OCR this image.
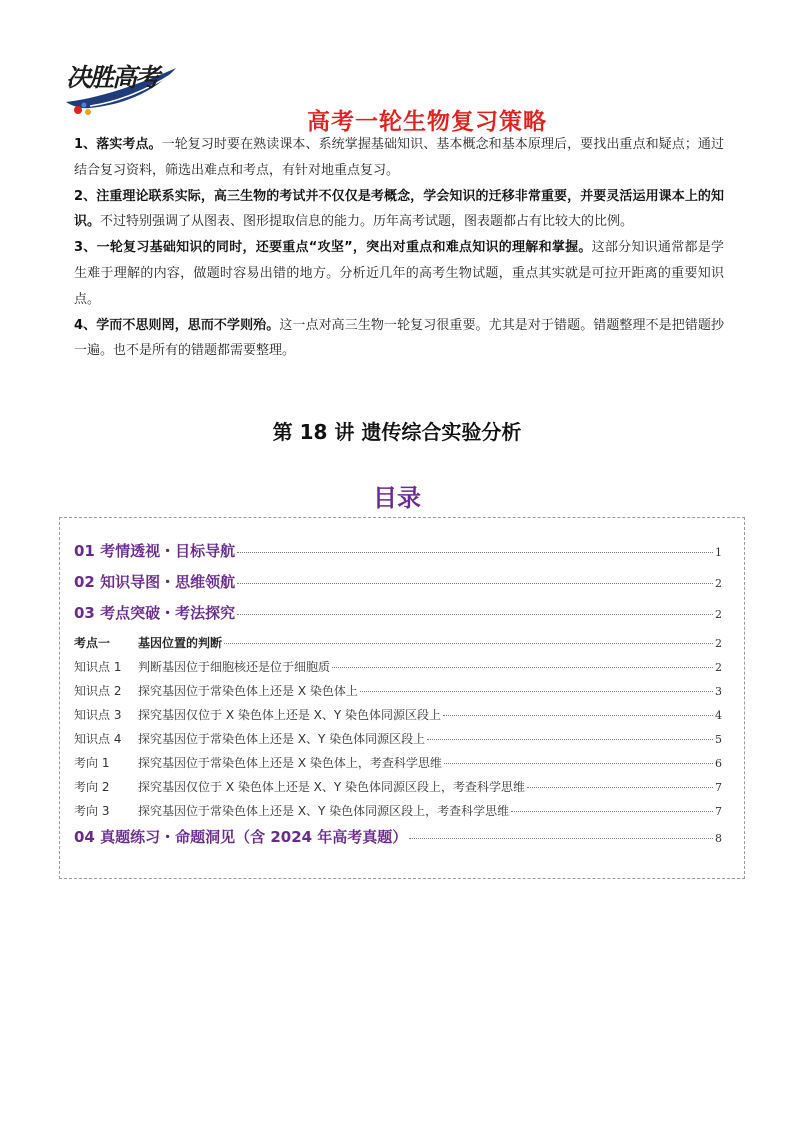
决胜高考
高考一轮生物复习策略

1、落实考点。一轮复习时要在熟读课本、系统掌握基础知识、基本概念和基本原理后，要找出重点和疑点；通过结合复习资料，筛选出难点和考点，有针对地重点复习。

2、注重理论联系实际，高三生物的考试并不仅仅是考概念，学会知识的迁移非常重要，并要灵活运用课本上的知识。不过特别强调了从图表、图形提取信息的能力。历年高考试题，图表题都占有比较大的比例。

3、一轮复习基础知识的同时，还要重点“攻坚”，突出对重点和难点知识的理解和掌握。这部分知识通常都是学生难于理解的内容，做题时容易出错的地方。分析近几年的高考生物试题，重点其实就是可拉开距离的重要知识点。

4、学而不思则罔，思而不学则殆。这一点对高三生物一轮复习很重要。尤其是对于错题。错题整理不是把错题抄一遍。也不是所有的错题都需要整理。

第 18 讲 遗传综合实验分析
目录
01 考情透视・目标导航	1
02 知识导图・思维领航	2
03 考点突破・考法探究	2
考点一 基因位置的判断	2
知识点 1 判断基因位于细胞核还是位于细胞质	2
知识点 2 探究基因位于常染色体上还是 X 染色体上	3
知识点 3 探究基因仅位于 X 染色体上还是 X、Y 染色体同源区段上	4
知识点 4 探究基因位于常染色体上还是 X、Y 染色体同源区段上	5
考向 1 探究基因位于常染色体上还是 X 染色体上，考查科学思维	6
考向 2 探究基因仅位于 X 染色体上还是 X、Y 染色体同源区段上，考查科学思维	7
考向 3 探究基因位于常染色体上还是 X、Y 染色体同源区段上，考查科学思维	7
04 真题练习・命题洞见（含 2024 年高考真题）	8
